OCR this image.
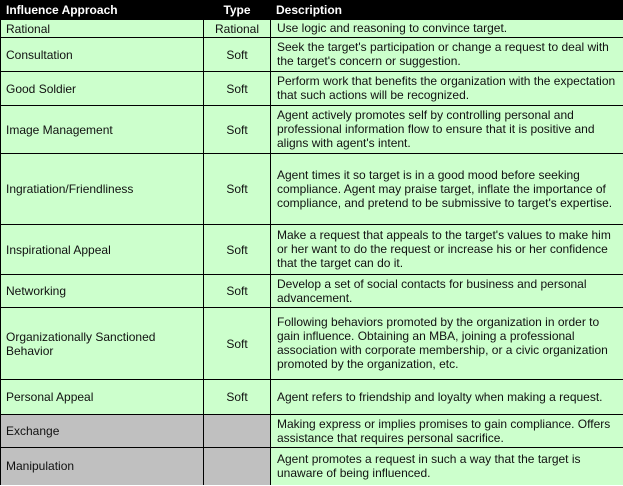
Influence Approach	Type	Description
Rational	Rational	Use logic and reasoning to convince target.
Consultation	Soft	Seek the target's participation or change a request to deal with the target's concern or suggestion.
Good Soldier	Soft	Perform work that benefits the organization with the expectation that such actions will be recognized.
Image Management	Soft	Agent actively promotes self by controlling personal and professional information flow to ensure that it is positive and aligns with agent's intent.
Ingratiation/Friendliness	Soft	Agent times it so target is in a good mood before seeking compliance. Agent may praise target, inflate the importance of compliance, and pretend to be submissive to target's expertise.
Inspirational Appeal	Soft	Make a request that appeals to the target's values to make him or her want to do the request or increase his or her confidence that the target can do it.
Networking	Soft	Develop a set of social contacts for business and personal advancement.
Organizationally Sanctioned Behavior	Soft	Following behaviors promoted by the organization in order to gain influence. Obtaining an MBA, joining a professional association with corporate membership, or a civic organization promoted by the organization, etc.
Personal Appeal	Soft	Agent refers to friendship and loyalty when making a request.
Exchange		Making express or implies promises to gain compliance. Offers assistance that requires personal sacrifice.
Manipulation		Agent promotes a request in such a way that the target is unaware of being influenced.
